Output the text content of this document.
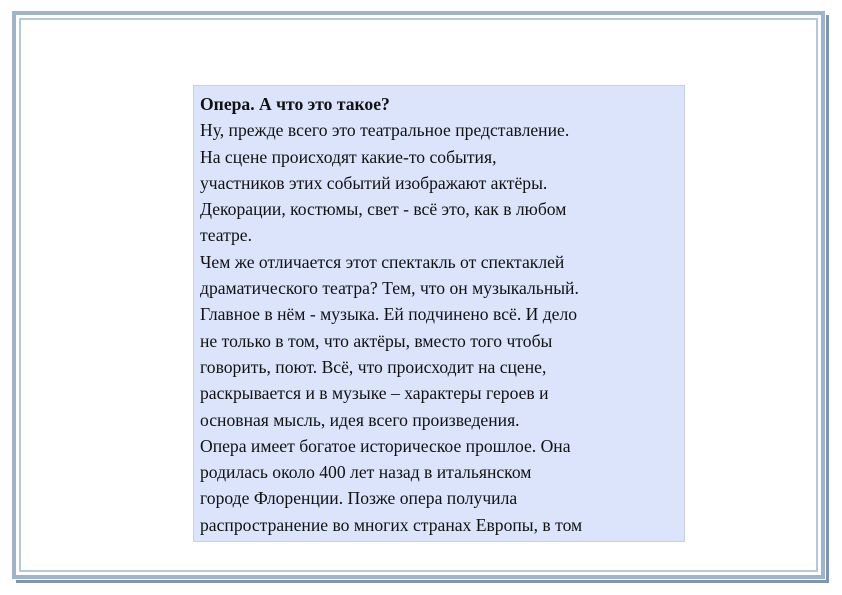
Опера. А что это такое?
Ну, прежде всего это театральное представление.
На сцене происходят какие-то события,
участников этих событий изображают актёры.
Декорации, костюмы, свет - всё это, как в любом
театре.
Чем же отличается этот спектакль от спектаклей
драматического театра? Тем, что он музыкальный.
Главное в нём - музыка. Ей подчинено всё. И дело
не только в том, что актёры, вместо того чтобы
говорить, поют. Всё, что происходит на сцене,
раскрывается и в музыке – характеры героев и
основная мысль, идея всего произведения.
Опера имеет богатое историческое прошлое. Она
родилась около 400 лет назад в итальянском
городе Флоренции. Позже опера получила
распространение во многих странах Европы, в том
